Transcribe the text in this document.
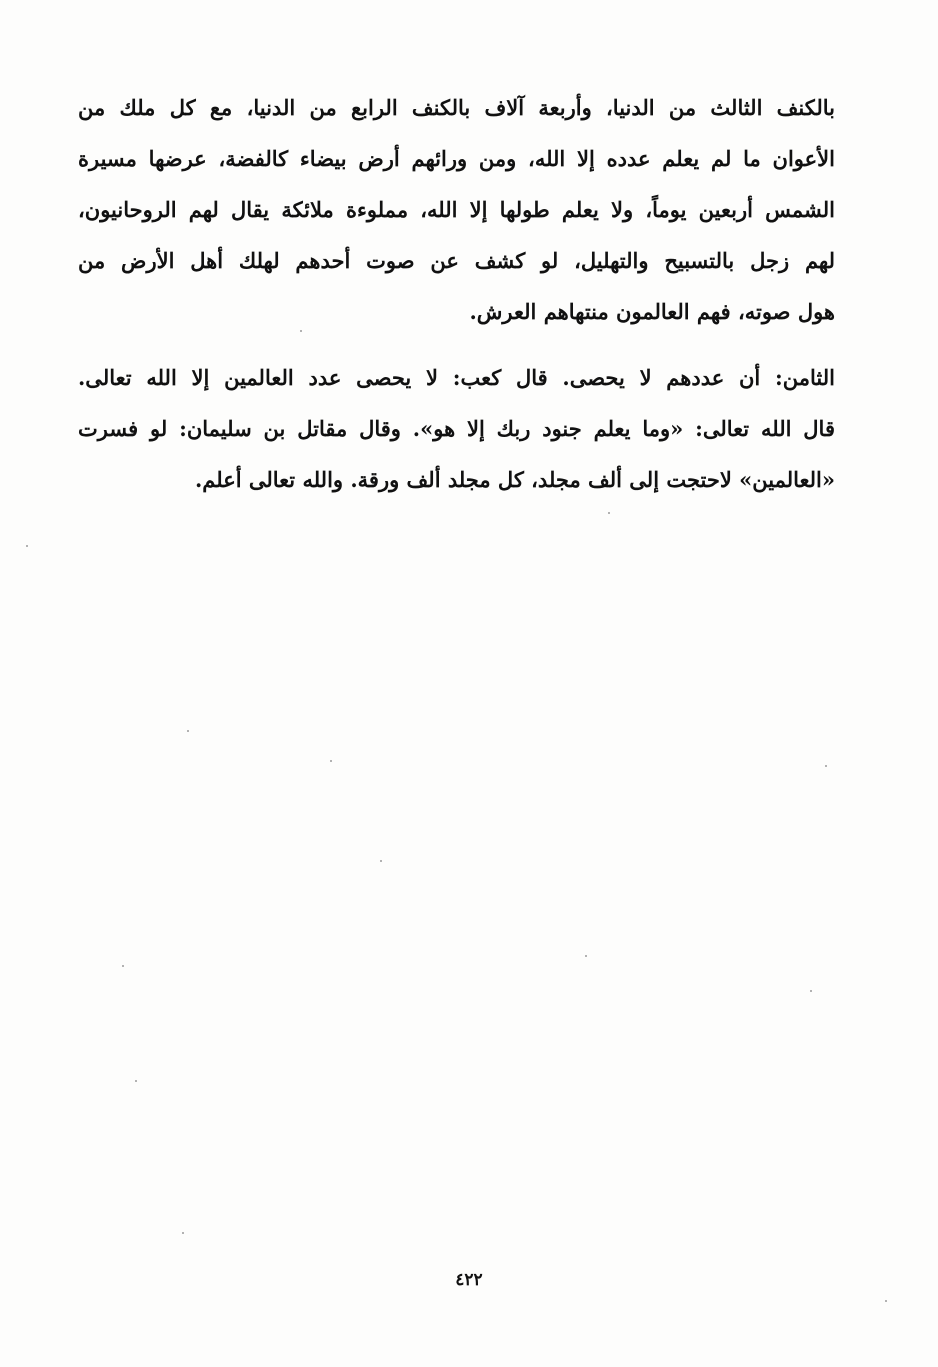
بالكنف الثالث من الدنيا، وأربعة آلاف بالكنف الرابع من الدنيا، مع كل ملك من
الأعوان ما لم يعلم عدده إلا الله، ومن ورائهم أرض بيضاء كالفضة، عرضها مسيرة
الشمس أربعين يوماً، ولا يعلم طولها إلا الله، مملوءة ملائكة يقال لهم الروحانيون،
لهم زجل بالتسبيح والتهليل، لو كشف عن صوت أحدهم لهلك أهل الأرض من
هول صوته، فهم العالمون منتهاهم العرش.
الثامن: أن عددهم لا يحصى. قال كعب: لا يحصى عدد العالمين إلا الله تعالى.
قال الله تعالى: «وما يعلم جنود ربك إلا هو». وقال مقاتل بن سليمان: لو فسرت
«العالمين» لاحتجت إلى ألف مجلد، كل مجلد ألف ورقة. والله تعالى أعلم.
٤٢٢
